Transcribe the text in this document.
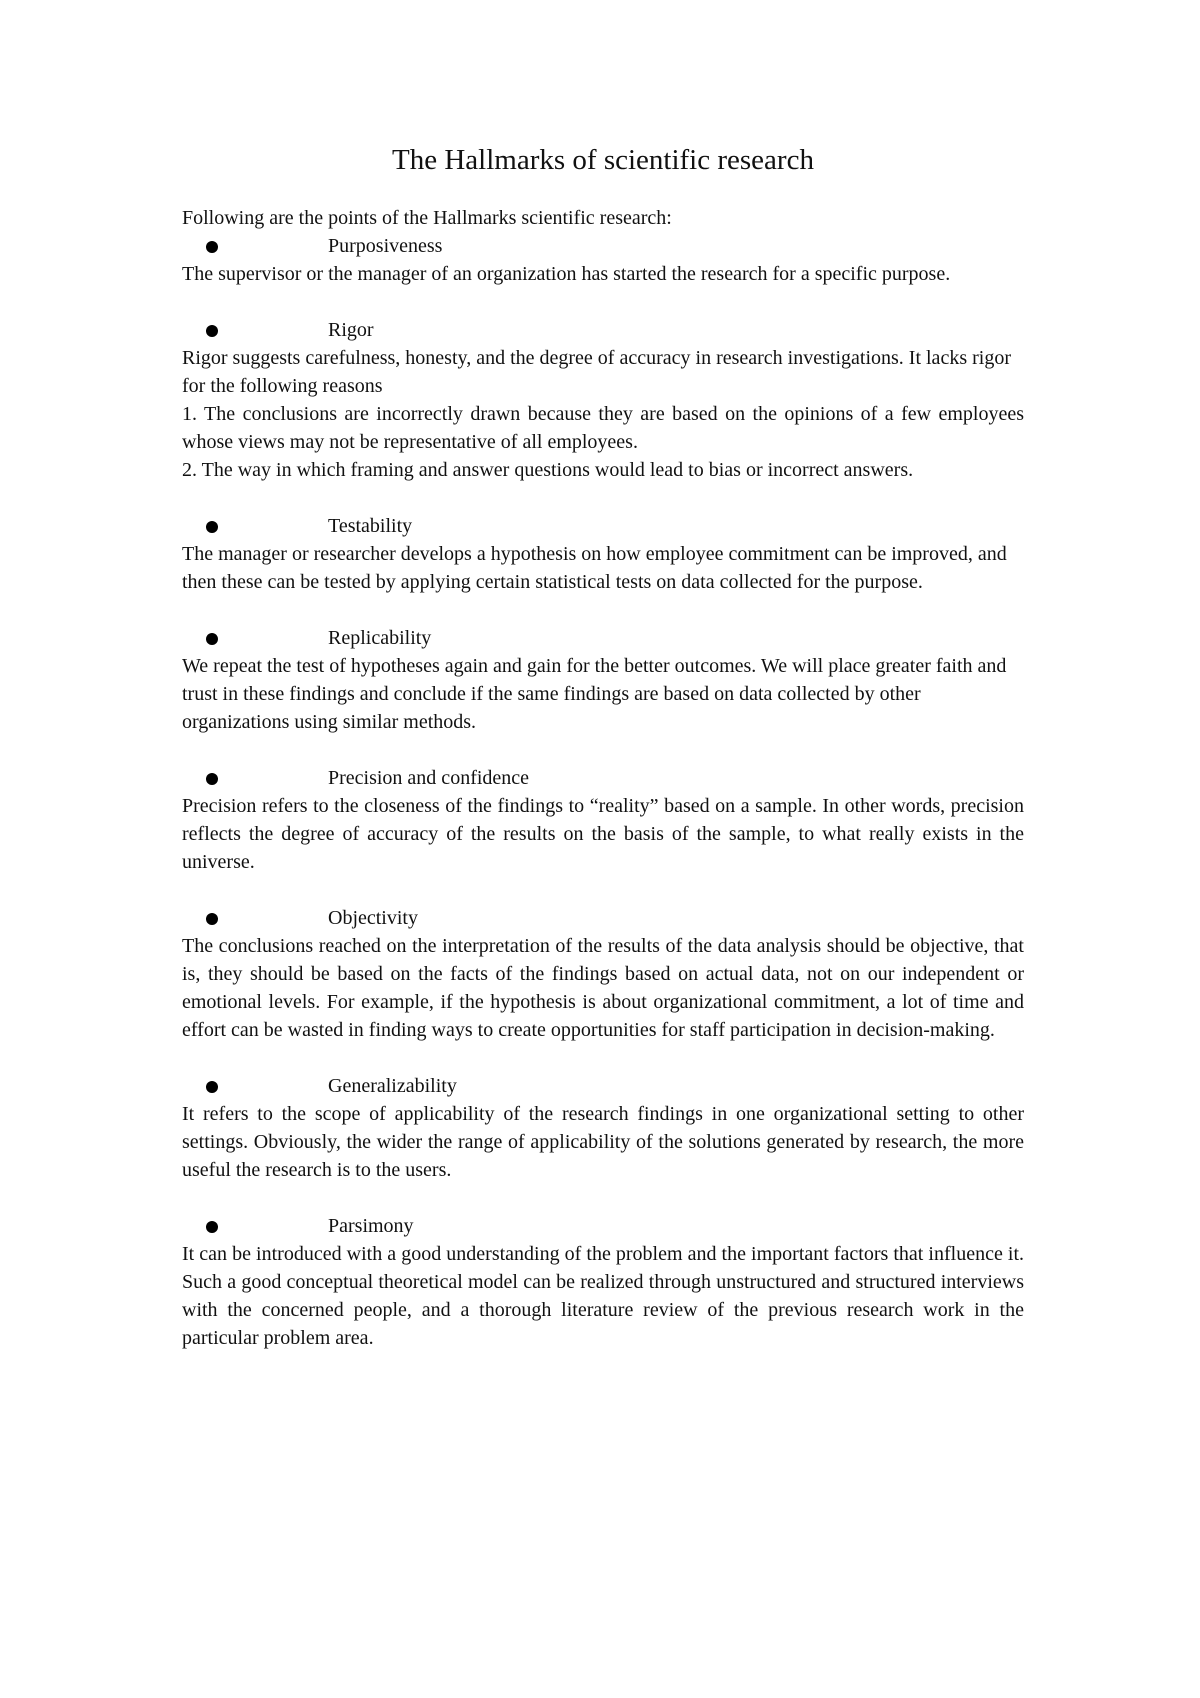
The Hallmarks of scientific research

Following are the points of the Hallmarks scientific research:

Purposiveness

The supervisor or the manager of an organization has started the research for a specific purpose.

Rigor

Rigor suggests carefulness, honesty, and the degree of accuracy in research investigations. It lacks rigor for the following reasons

1. The conclusions are incorrectly drawn because they are based on the opinions of a few employees whose views may not be representative of all employees.

2. The way in which framing and answer questions would lead to bias or incorrect answers.

Testability

The manager or researcher develops a hypothesis on how employee commitment can be improved, and then these can be tested by applying certain statistical tests on data collected for the purpose.

Replicability

We repeat the test of hypotheses again and gain for the better outcomes. We will place greater faith and trust in these findings and conclude if the same findings are based on data collected by other organizations using similar methods.

Precision and confidence

Precision refers to the closeness of the findings to “reality” based on a sample. In other words, precision reflects the degree of accuracy of the results on the basis of the sample, to what really exists in the universe.

Objectivity

The conclusions reached on the interpretation of the results of the data analysis should be objective, that is, they should be based on the facts of the findings based on actual data, not on our independent or emotional levels. For example, if the hypothesis is about organizational commitment, a lot of time and effort can be wasted in finding ways to create opportunities for staff participation in decision-making.

Generalizability

It refers to the scope of applicability of the research findings in one organizational setting to other settings. Obviously, the wider the range of applicability of the solutions generated by research, the more useful the research is to the users.

Parsimony

It can be introduced with a good understanding of the problem and the important factors that influence it. Such a good conceptual theoretical model can be realized through unstructured and structured interviews with the concerned people, and a thorough literature review of the previous research work in the particular problem area.
